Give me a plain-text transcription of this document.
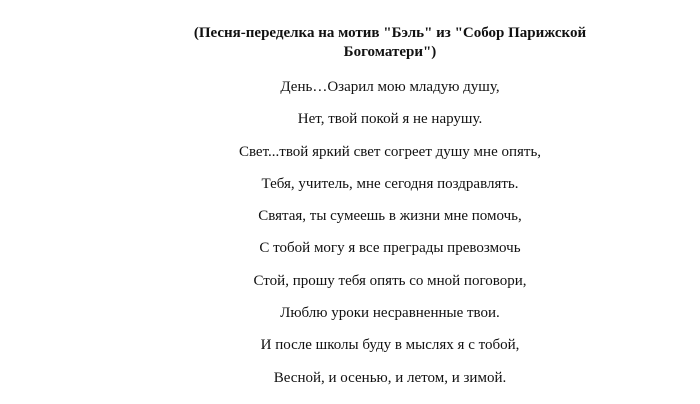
(Песня-переделка на мотив "Бэль" из "Собор Парижской Богоматери")
День…Озарил мою младую душу,
Нет, твой покой я не нарушу.
Свет...твой яркий свет согреет душу мне опять,
Тебя, учитель, мне сегодня поздравлять.
Святая, ты сумеешь в жизни мне помочь,
С тобой могу я все преграды превозмочь
Стой, прошу тебя опять со мной поговори,
Люблю уроки несравненные твои.
И после школы буду в мыслях я с тобой,
Весной, и осенью, и летом, и зимой.
